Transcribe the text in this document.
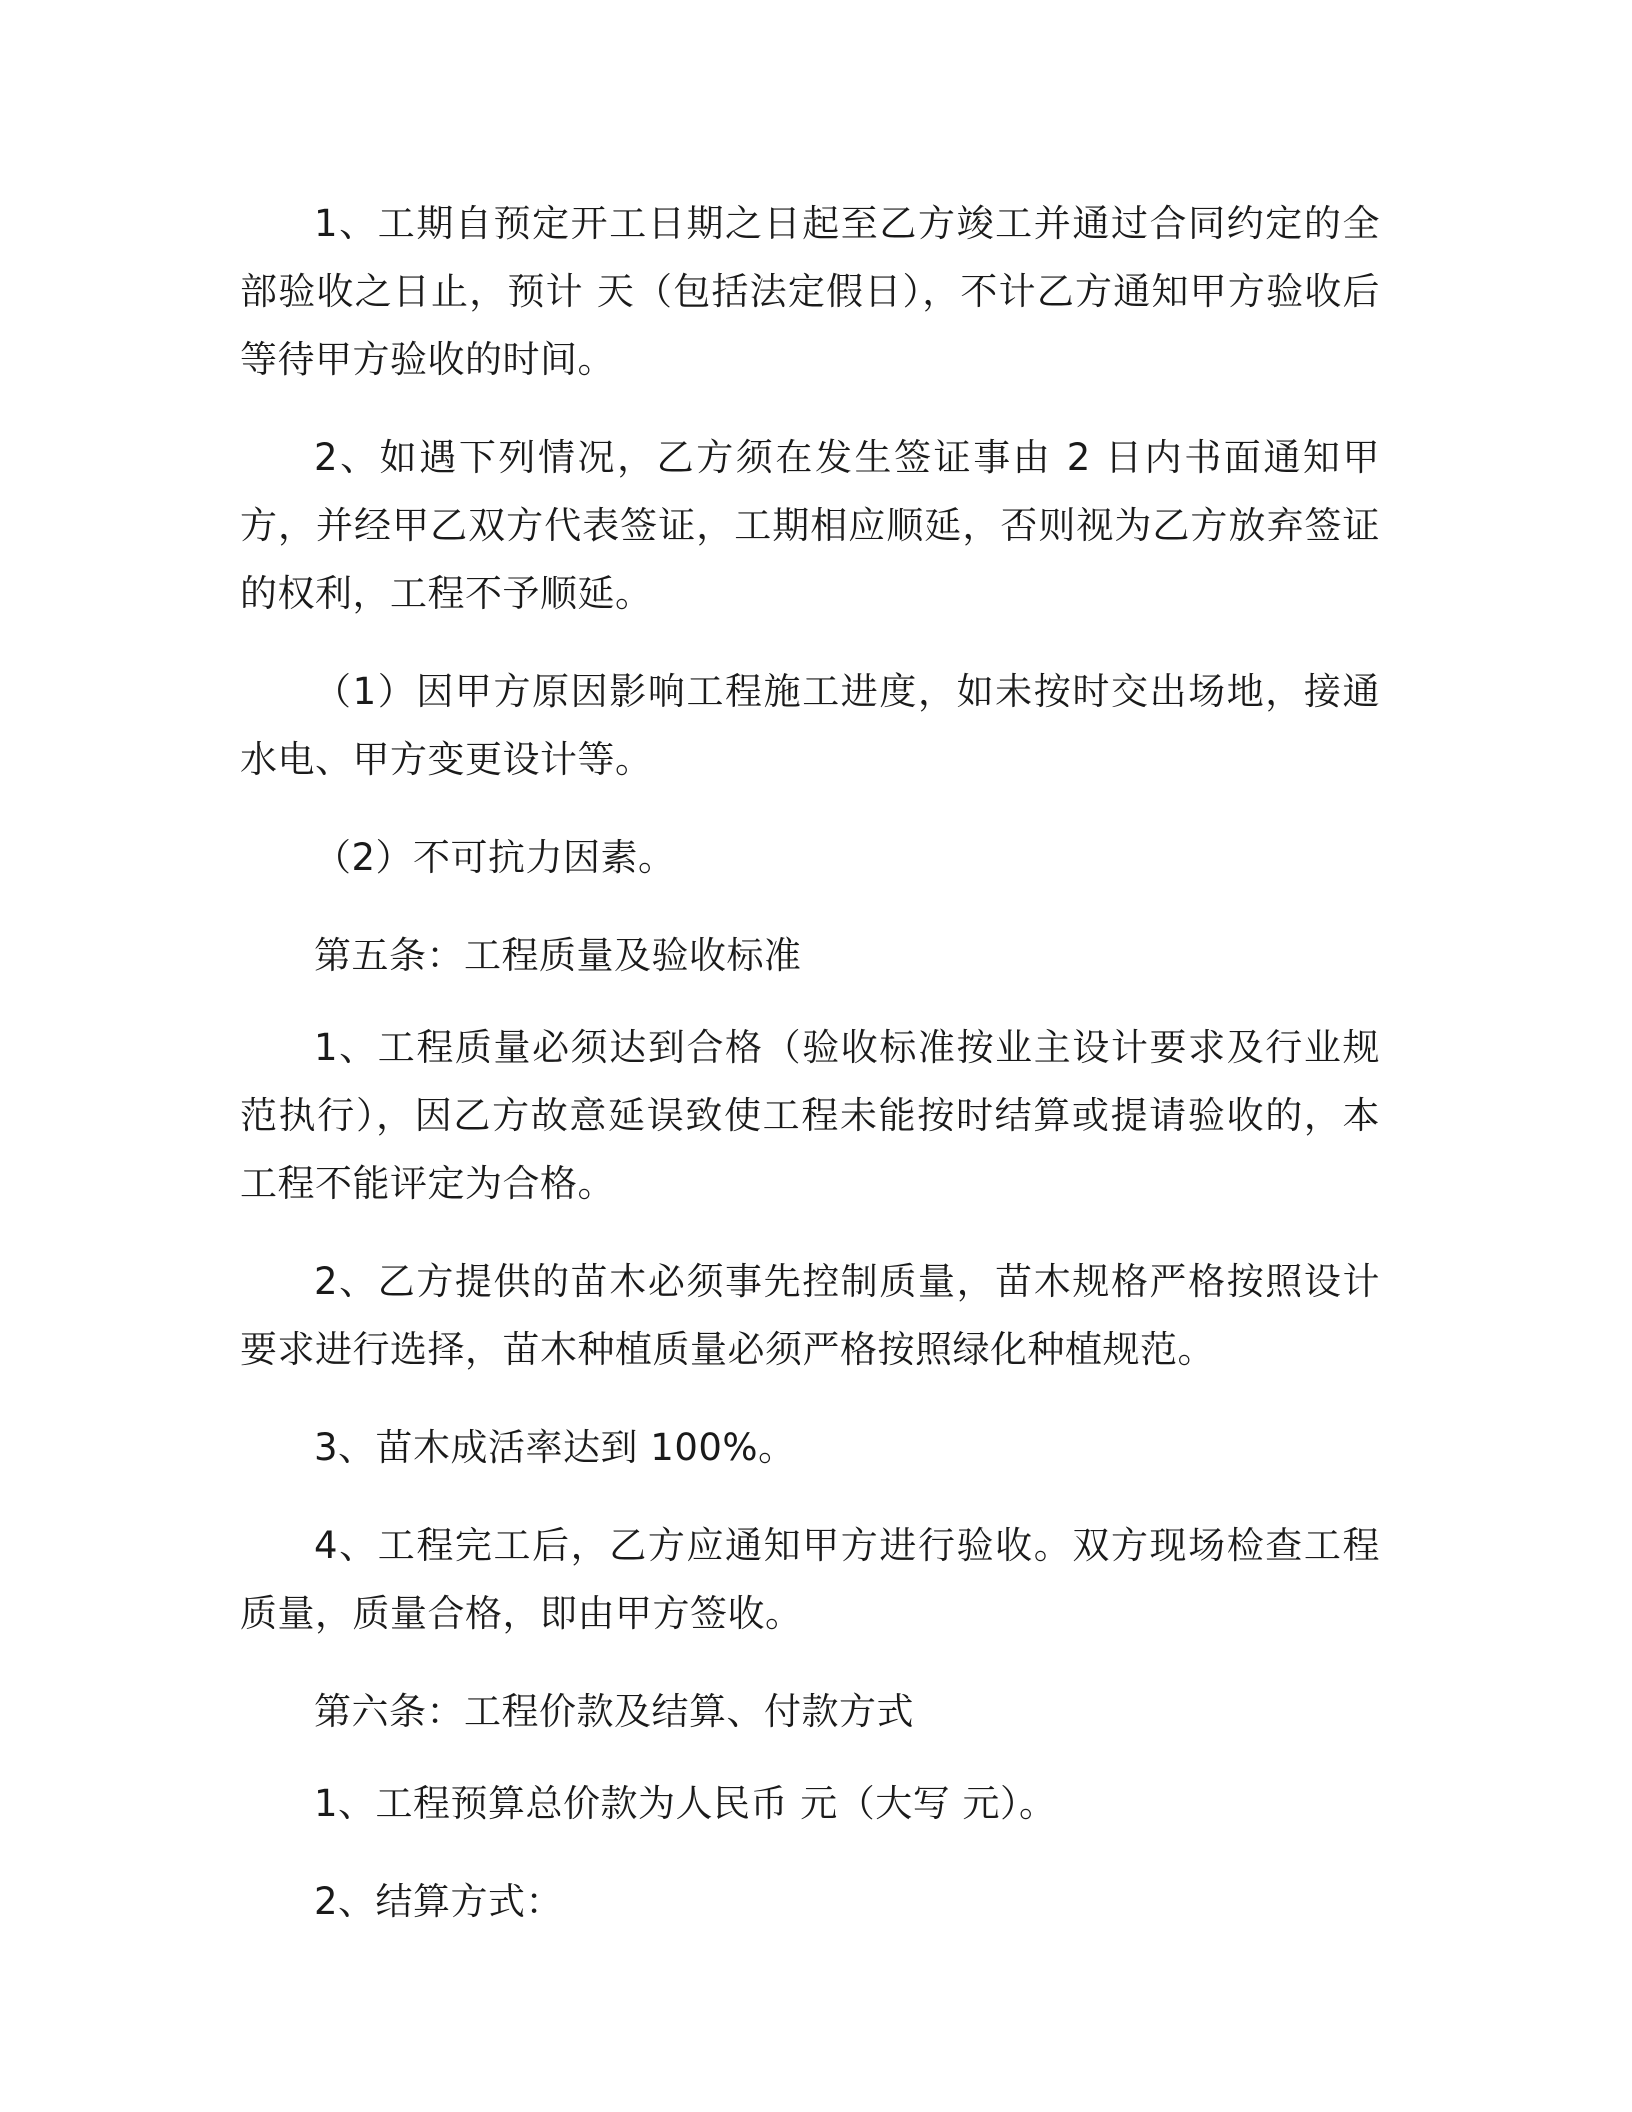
1、工期自预定开工日期之日起至乙方竣工并通过合同约定的全部验收之日止，预计 天（包括法定假日），不计乙方通知甲方验收后等待甲方验收的时间。

2、如遇下列情况，乙方须在发生签证事由 2 日内书面通知甲方，并经甲乙双方代表签证，工期相应顺延，否则视为乙方放弃签证的权利，工程不予顺延。

（1）因甲方原因影响工程施工进度，如未按时交出场地，接通水电、甲方变更设计等。

（2）不可抗力因素。

第五条：工程质量及验收标准

1、工程质量必须达到合格（验收标准按业主设计要求及行业规范执行），因乙方故意延误致使工程未能按时结算或提请验收的，本工程不能评定为合格。

2、乙方提供的苗木必须事先控制质量，苗木规格严格按照设计要求进行选择，苗木种植质量必须严格按照绿化种植规范。

3、苗木成活率达到 100%。

4、工程完工后，乙方应通知甲方进行验收。双方现场检查工程质量，质量合格，即由甲方签收。

第六条：工程价款及结算、付款方式

1、工程预算总价款为人民币 元（大写 元）。

2、结算方式：
